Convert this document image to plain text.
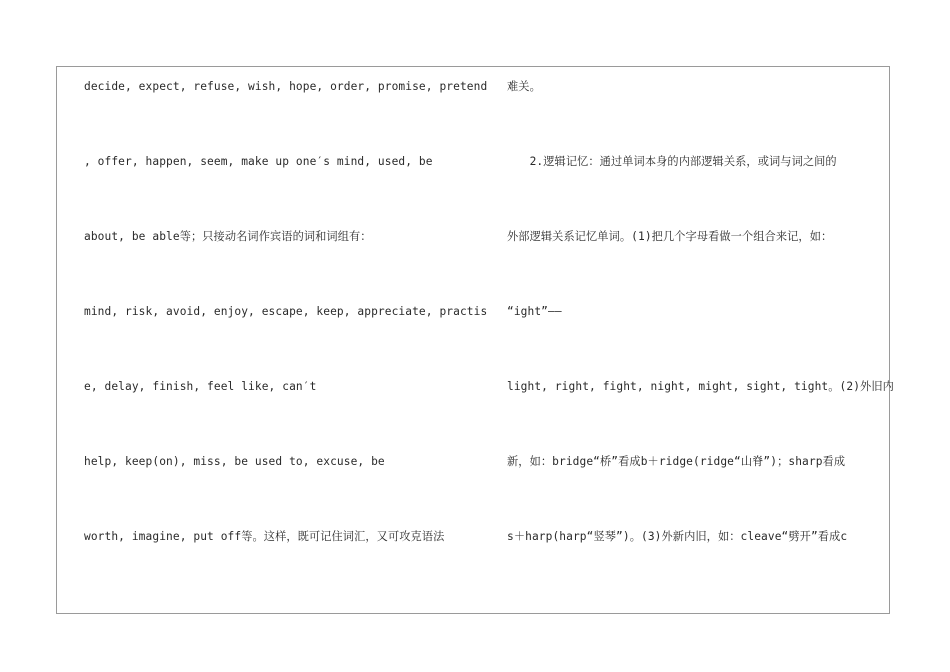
decide, expect, refuse, wish, hope, order, promise, pretend
, offer, happen, seem, make up one′s mind, used, be
about, be able等；只接动名词作宾语的词和词组有：
mind, risk, avoid, enjoy, escape, keep, appreciate, practis
e, delay, finish, feel like, can′t
help, keep(on), miss, be used to, excuse, be
worth, imagine, put off等。这样，既可记住词汇，又可攻克语法
难关。
　　2.逻辑记忆：通过单词本身的内部逻辑关系，或词与词之间的
外部逻辑关系记忆单词。(1)把几个字母看做一个组合来记，如：
“ight”——
light, right, fight, night, might, sight, tight。(2)外旧内
新，如：bridge“桥”看成b＋ridge(ridge“山脊”)；sharp看成
s＋harp(harp“竖琴”)。(3)外新内旧，如：cleave“劈开”看成c
